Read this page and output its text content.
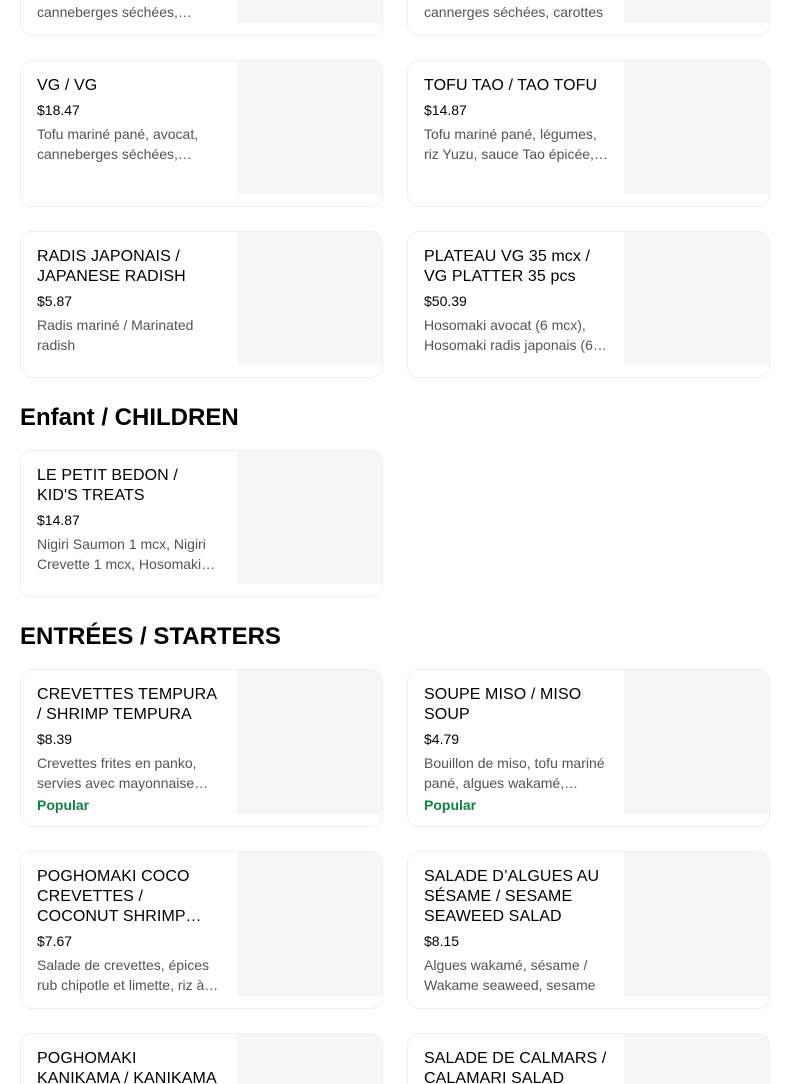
canneberges séchées,	cannerges séchées, carottes
VG / VG
$18.47
Tofu mariné pané, avocat, canneberges séchées,
TOFU TAO / TAO TOFU
$14.87
Tofu mariné pané, légumes, riz Yuzu, sauce Tao épicée,
RADIS JAPONAIS / JAPANESE RADISH
$5.87
Radis mariné / Marinated radish
PLATEAU VG 35 mcx / VG PLATTER 35 pcs
$50.39
Hosomaki avocat (6 mcx), Hosomaki radis japonais (6
Enfant / CHILDREN
LE PETIT BEDON / KID'S TREATS
$14.87
Nigiri Saumon 1 mcx, Nigiri Crevette 1 mcx, Hosomaki
ENTRÉES / STARTERS
CREVETTES TEMPURA / SHRIMP TEMPURA
$8.39
Crevettes frites en panko, servies avec mayonnaise
Popular
SOUPE MISO / MISO SOUP
$4.79
Bouillon de miso, tofu mariné pané, algues wakamé,
Popular
POGHOMAKI COCO CREVETTES / COCONUT SHRIMP
$7.67
Salade de crevettes, épices rub chipotle et limette, riz à
SALADE D’ALGUES AU SÉSAME / SESAME SEAWEED SALAD
$8.15
Algues wakamé, sésame / Wakame seaweed, sesame
POGHOMAKI KANIKAMA / KANIKAMA
SALADE DE CALMARS / CALAMARI SALAD
